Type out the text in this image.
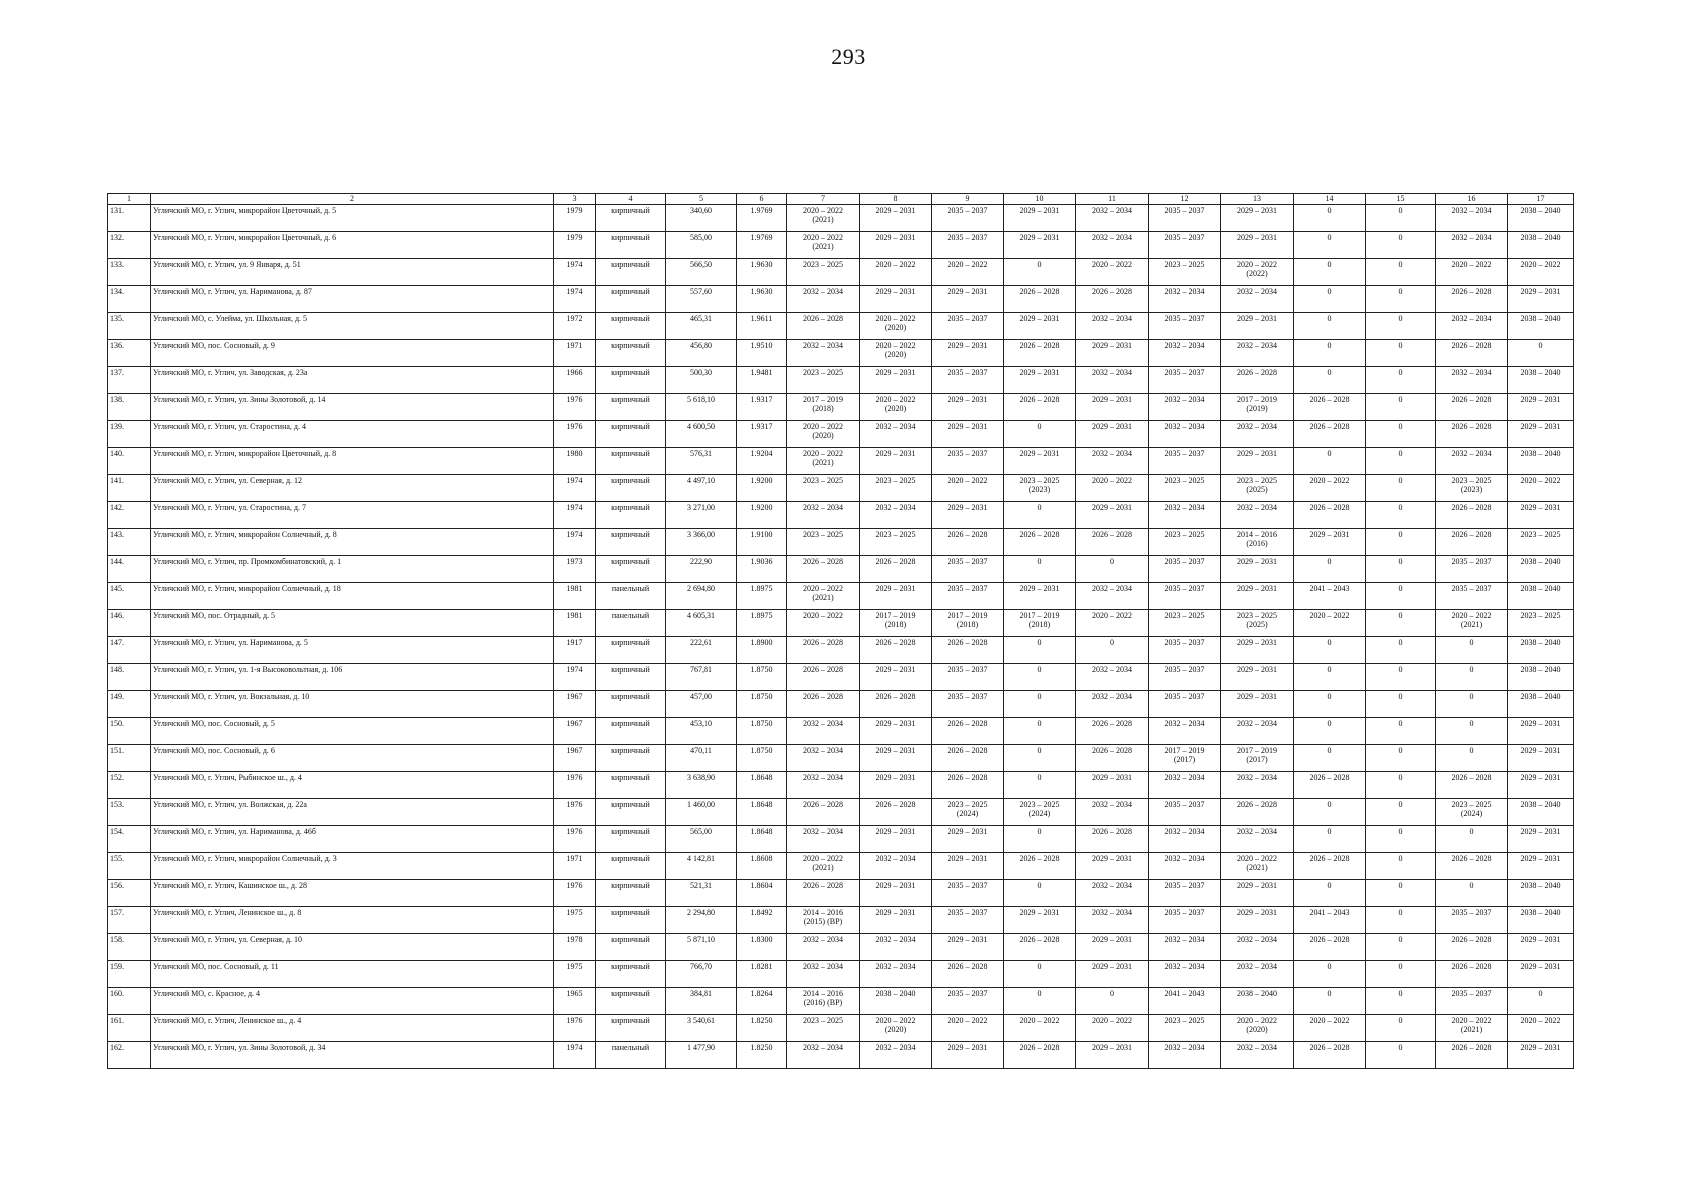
293
1	2	3	4	5	6	7	8	9	10	11	12	13	14	15	16	17
131.	Угличский МО, г. Углич, микрорайон Цветочный, д. 5	1979	кирпичный	340,60	1.9769	2020 – 2022
(2021)	2029 – 2031	2035 – 2037	2029 – 2031	2032 – 2034	2035 – 2037	2029 – 2031	0	0	2032 – 2034	2038 – 2040
132.	Угличский МО, г. Углич, микрорайон Цветочный, д. 6	1979	кирпичный	585,00	1.9769	2020 – 2022
(2021)	2029 – 2031	2035 – 2037	2029 – 2031	2032 – 2034	2035 – 2037	2029 – 2031	0	0	2032 – 2034	2038 – 2040
133.	Угличский МО, г. Углич, ул. 9 Января, д. 51	1974	кирпичный	566,50	1.9630	2023 – 2025	2020 – 2022	2020 – 2022	0	2020 – 2022	2023 – 2025	2020 – 2022
(2022)	0	0	2020 – 2022	2020 – 2022
134.	Угличский МО, г. Углич, ул. Нариманова, д. 87	1974	кирпичный	557,60	1.9630	2032 – 2034	2029 – 2031	2029 – 2031	2026 – 2028	2026 – 2028	2032 – 2034	2032 – 2034	0	0	2026 – 2028	2029 – 2031
135.	Угличский МО, с. Улейма, ул. Школьная, д. 5	1972	кирпичный	465,31	1.9611	2026 – 2028	2020 – 2022
(2020)	2035 – 2037	2029 – 2031	2032 – 2034	2035 – 2037	2029 – 2031	0	0	2032 – 2034	2038 – 2040
136.	Угличский МО, пос. Сосновый, д. 9	1971	кирпичный	456,80	1.9510	2032 – 2034	2020 – 2022
(2020)	2029 – 2031	2026 – 2028	2029 – 2031	2032 – 2034	2032 – 2034	0	0	2026 – 2028	0
137.	Угличский МО, г. Углич, ул. Заводская, д. 23а	1966	кирпичный	500,30	1.9481	2023 – 2025	2029 – 2031	2035 – 2037	2029 – 2031	2032 – 2034	2035 – 2037	2026 – 2028	0	0	2032 – 2034	2038 – 2040
138.	Угличский МО, г. Углич, ул. Зины Золотовой, д. 14	1976	кирпичный	5 618,10	1.9317	2017 – 2019
(2018)	2020 – 2022
(2020)	2029 – 2031	2026 – 2028	2029 – 2031	2032 – 2034	2017 – 2019
(2019)	2026 – 2028	0	2026 – 2028	2029 – 2031
139.	Угличский МО, г. Углич, ул. Старостина, д. 4	1976	кирпичный	4 600,50	1.9317	2020 – 2022
(2020)	2032 – 2034	2029 – 2031	0	2029 – 2031	2032 – 2034	2032 – 2034	2026 – 2028	0	2026 – 2028	2029 – 2031
140.	Угличский МО, г. Углич, микрорайон Цветочный, д. 8	1980	кирпичный	576,31	1.9204	2020 – 2022
(2021)	2029 – 2031	2035 – 2037	2029 – 2031	2032 – 2034	2035 – 2037	2029 – 2031	0	0	2032 – 2034	2038 – 2040
141.	Угличский МО, г. Углич, ул. Северная, д. 12	1974	кирпичный	4 497,10	1.9200	2023 – 2025	2023 – 2025	2020 – 2022	2023 – 2025
(2023)	2020 – 2022	2023 – 2025	2023 – 2025
(2025)	2020 – 2022	0	2023 – 2025
(2023)	2020 – 2022
142.	Угличский МО, г. Углич, ул. Старостина, д. 7	1974	кирпичный	3 271,00	1.9200	2032 – 2034	2032 – 2034	2029 – 2031	0	2029 – 2031	2032 – 2034	2032 – 2034	2026 – 2028	0	2026 – 2028	2029 – 2031
143.	Угличский МО, г. Углич, микрорайон Солнечный, д. 8	1974	кирпичный	3 366,00	1.9100	2023 – 2025	2023 – 2025	2026 – 2028	2026 – 2028	2026 – 2028	2023 – 2025	2014 – 2016
(2016)	2029 – 2031	0	2026 – 2028	2023 – 2025
144.	Угличский МО, г. Углич, пр. Промкомбинатовский, д. 1	1973	кирпичный	222,90	1.9036	2026 – 2028	2026 – 2028	2035 – 2037	0	0	2035 – 2037	2029 – 2031	0	0	2035 – 2037	2038 – 2040
145.	Угличский МО, г. Углич, микрорайон Солнечный, д. 18	1981	панельный	2 694,80	1.8975	2020 – 2022
(2021)	2029 – 2031	2035 – 2037	2029 – 2031	2032 – 2034	2035 – 2037	2029 – 2031	2041 – 2043	0	2035 – 2037	2038 – 2040
146.	Угличский МО, пос. Отрадный, д. 5	1981	панельный	4 605,31	1.8975	2020 – 2022	2017 – 2019
(2018)	2017 – 2019
(2018)	2017 – 2019
(2018)	2020 – 2022	2023 – 2025	2023 – 2025
(2025)	2020 – 2022	0	2020 – 2022
(2021)	2023 – 2025
147.	Угличский МО, г. Углич, ул. Нариманова, д. 5	1917	кирпичный	222,61	1.8900	2026 – 2028	2026 – 2028	2026 – 2028	0	0	2035 – 2037	2029 – 2031	0	0	0	2038 – 2040
148.	Угличский МО, г. Углич, ул. 1-я Высоковольтная, д. 106	1974	кирпичный	767,81	1.8750	2026 – 2028	2029 – 2031	2035 – 2037	0	2032 – 2034	2035 – 2037	2029 – 2031	0	0	0	2038 – 2040
149.	Угличский МО, г. Углич, ул. Вокзальная, д. 10	1967	кирпичный	457,00	1.8750	2026 – 2028	2026 – 2028	2035 – 2037	0	2032 – 2034	2035 – 2037	2029 – 2031	0	0	0	2038 – 2040
150.	Угличский МО, пос. Сосновый, д. 5	1967	кирпичный	453,10	1.8750	2032 – 2034	2029 – 2031	2026 – 2028	0	2026 – 2028	2032 – 2034	2032 – 2034	0	0	0	2029 – 2031
151.	Угличский МО, пос. Сосновый, д. 6	1967	кирпичный	470,11	1.8750	2032 – 2034	2029 – 2031	2026 – 2028	0	2026 – 2028	2017 – 2019
(2017)	2017 – 2019
(2017)	0	0	0	2029 – 2031
152.	Угличский МО, г. Углич, Рыбинское ш., д. 4	1976	кирпичный	3 638,90	1.8648	2032 – 2034	2029 – 2031	2026 – 2028	0	2029 – 2031	2032 – 2034	2032 – 2034	2026 – 2028	0	2026 – 2028	2029 – 2031
153.	Угличский МО, г. Углич, ул. Волжская, д. 22а	1976	кирпичный	1 460,00	1.8648	2026 – 2028	2026 – 2028	2023 – 2025
(2024)	2023 – 2025
(2024)	2032 – 2034	2035 – 2037	2026 – 2028	0	0	2023 – 2025
(2024)	2038 – 2040
154.	Угличский МО, г. Углич, ул. Нариманова, д. 46б	1976	кирпичный	565,00	1.8648	2032 – 2034	2029 – 2031	2029 – 2031	0	2026 – 2028	2032 – 2034	2032 – 2034	0	0	0	2029 – 2031
155.	Угличский МО, г. Углич, микрорайон Солнечный, д. 3	1971	кирпичный	4 142,81	1.8608	2020 – 2022
(2021)	2032 – 2034	2029 – 2031	2026 – 2028	2029 – 2031	2032 – 2034	2020 – 2022
(2021)	2026 – 2028	0	2026 – 2028	2029 – 2031
156.	Угличский МО, г. Углич, Кашинское ш., д. 28	1976	кирпичный	521,31	1.8604	2026 – 2028	2029 – 2031	2035 – 2037	0	2032 – 2034	2035 – 2037	2029 – 2031	0	0	0	2038 – 2040
157.	Угличский МО, г. Углич, Ленинское ш., д. 8	1975	кирпичный	2 294,80	1.8492	2014 – 2016
(2015) (ВР)	2029 – 2031	2035 – 2037	2029 – 2031	2032 – 2034	2035 – 2037	2029 – 2031	2041 – 2043	0	2035 – 2037	2038 – 2040
158.	Угличский МО, г. Углич, ул. Северная, д. 10	1978	кирпичный	5 871,10	1.8300	2032 – 2034	2032 – 2034	2029 – 2031	2026 – 2028	2029 – 2031	2032 – 2034	2032 – 2034	2026 – 2028	0	2026 – 2028	2029 – 2031
159.	Угличский МО, пос. Сосновый, д. 11	1975	кирпичный	766,70	1.8281	2032 – 2034	2032 – 2034	2026 – 2028	0	2029 – 2031	2032 – 2034	2032 – 2034	0	0	2026 – 2028	2029 – 2031
160.	Угличский МО, с. Красное, д. 4	1965	кирпичный	384,81	1.8264	2014 – 2016
(2016) (ВР)	2038 – 2040	2035 – 2037	0	0	2041 – 2043	2038 – 2040	0	0	2035 – 2037	0
161.	Угличский МО, г. Углич, Ленинское ш., д. 4	1976	кирпичный	3 540,61	1.8250	2023 – 2025	2020 – 2022
(2020)	2020 – 2022	2020 – 2022	2020 – 2022	2023 – 2025	2020 – 2022
(2020)	2020 – 2022	0	2020 – 2022
(2021)	2020 – 2022
162.	Угличский МО, г. Углич, ул. Зины Золотовой, д. 34	1974	панельный	1 477,90	1.8250	2032 – 2034	2032 – 2034	2029 – 2031	2026 – 2028	2029 – 2031	2032 – 2034	2032 – 2034	2026 – 2028	0	2026 – 2028	2029 – 2031
